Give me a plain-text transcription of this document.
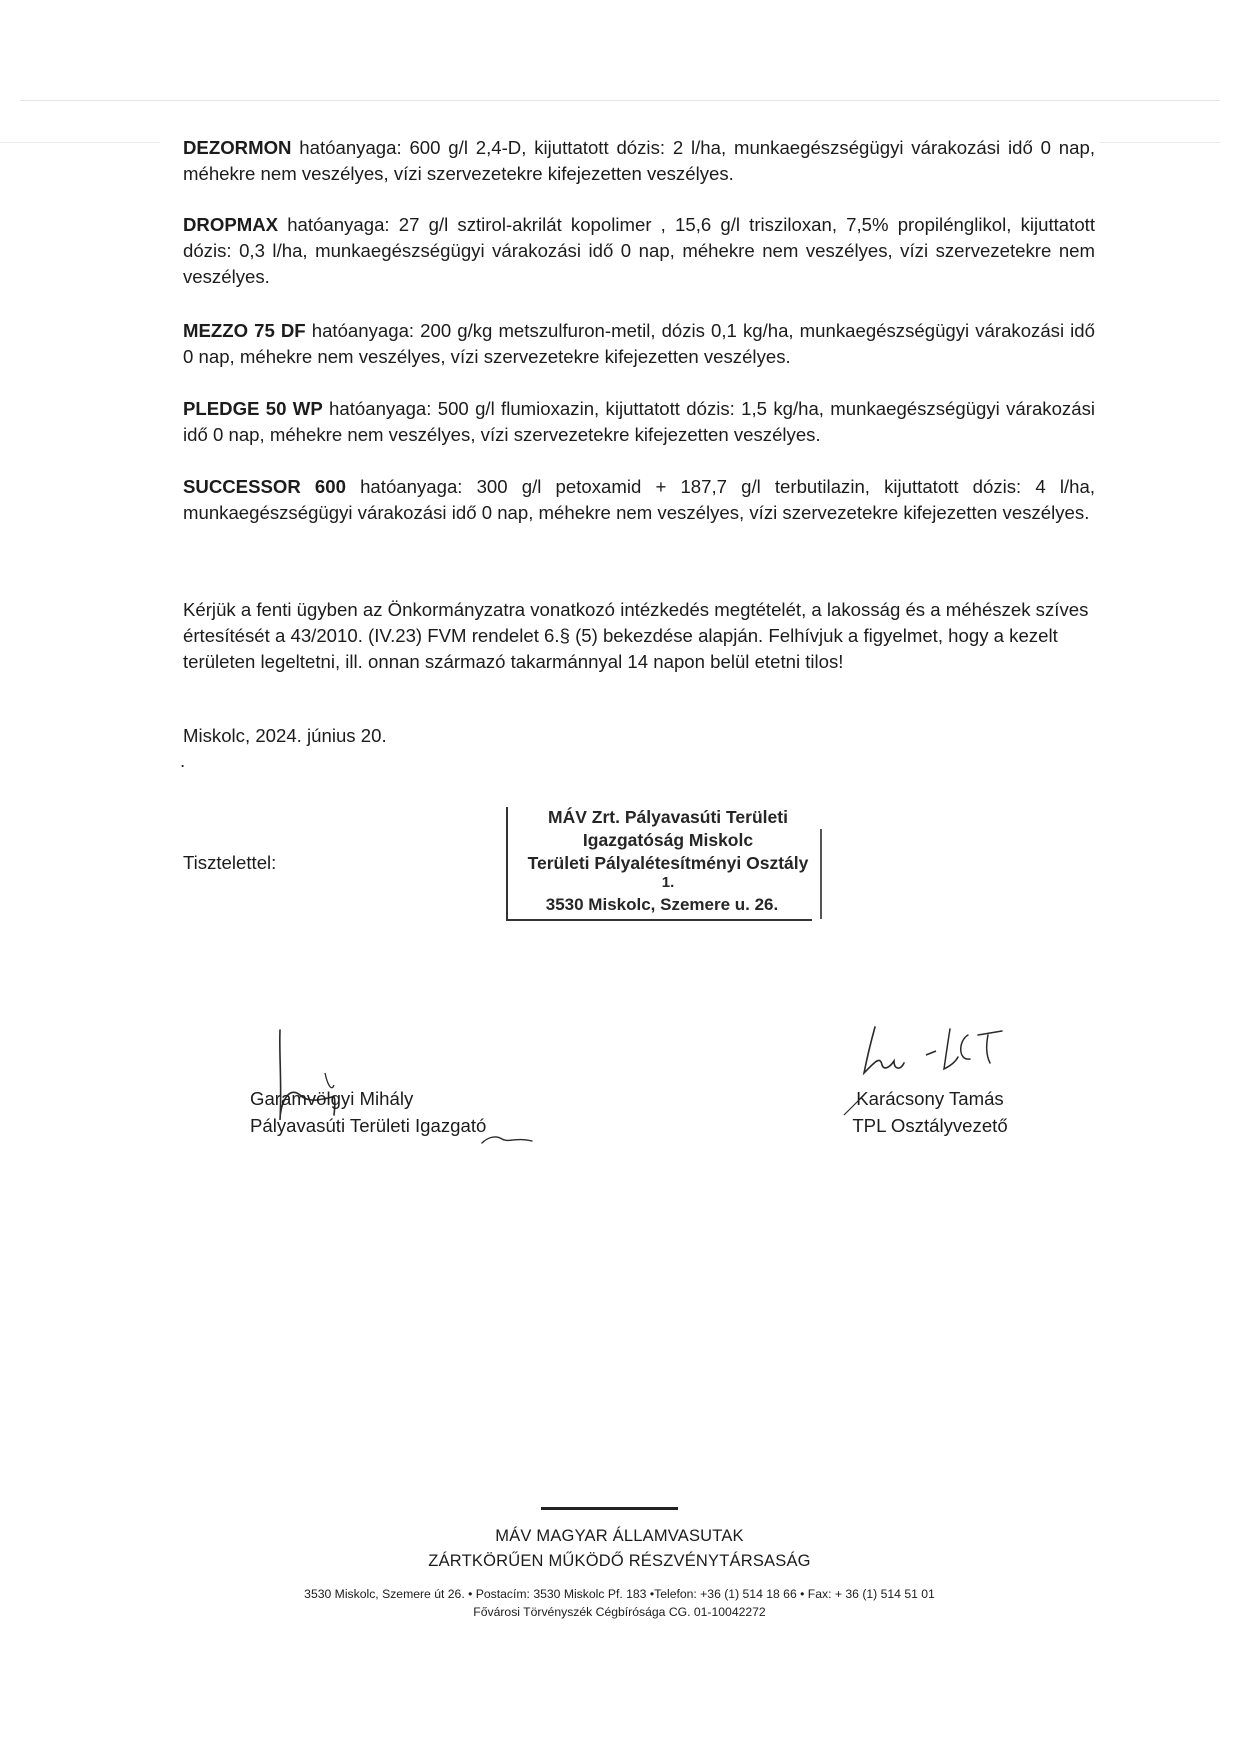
DEZORMON hatóanyaga: 600 g/l 2,4-D, kijuttatott dózis: 2 l/ha, munkaegészségügyi várakozási idő 0 nap, méhekre nem veszélyes, vízi szervezetekre kifejezetten veszélyes.
DROPMAX hatóanyaga: 27 g/l sztirol-akrilát kopolimer , 15,6 g/l trisziloxan, 7,5% propilénglikol, kijuttatott dózis: 0,3 l/ha, munkaegészségügyi várakozási idő 0 nap, méhekre nem veszélyes, vízi szervezetekre nem veszélyes.
MEZZO 75 DF hatóanyaga: 200 g/kg metszulfuron-metil, dózis 0,1 kg/ha, munkaegészségügyi várakozási idő 0 nap, méhekre nem veszélyes, vízi szervezetekre kifejezetten veszélyes.
PLEDGE 50 WP hatóanyaga: 500 g/l flumioxazin, kijuttatott dózis: 1,5 kg/ha, munkaegészségügyi várakozási idő 0 nap, méhekre nem veszélyes, vízi szervezetekre kifejezetten veszélyes.
SUCCESSOR 600 hatóanyaga: 300 g/l petoxamid + 187,7 g/l terbutilazin, kijuttatott dózis: 4 l/ha, munkaegészségügyi várakozási idő 0 nap, méhekre nem veszélyes, vízi szervezetekre kifejezetten veszélyes.
Kérjük a fenti ügyben az Önkormányzatra vonatkozó intézkedés megtételét, a lakosság és a méhészek szíves értesítését a 43/2010. (IV.23) FVM rendelet 6.§ (5) bekezdése alapján. Felhívjuk a figyelmet, hogy a kezelt területen legeltetni, ill. onnan származó takarmánnyal 14 napon belül etetni tilos!
Miskolc, 2024. június 20.
.
Tisztelettel:
MÁV Zrt. Pályavasúti Területi
Igazgatóság Miskolc
Területi Pályalétesítményi Osztály
1.
3530 Miskolc, Szemere u. 26.
Garamvölgyi Mihály
Pályavasúti Területi Igazgató
Karácsony Tamás
TPL Osztályvezető
MÁV MAGYAR ÁLLAMVASUTAK
ZÁRTKÖRŰEN MŰKÖDŐ RÉSZVÉNYTÁRSASÁG
3530 Miskolc, Szemere út 26. • Postacím: 3530 Miskolc Pf. 183 •Telefon: +36 (1) 514 18 66 • Fax: + 36 (1) 514 51 01
Fővárosi Törvényszék Cégbírósága CG. 01-10042272
